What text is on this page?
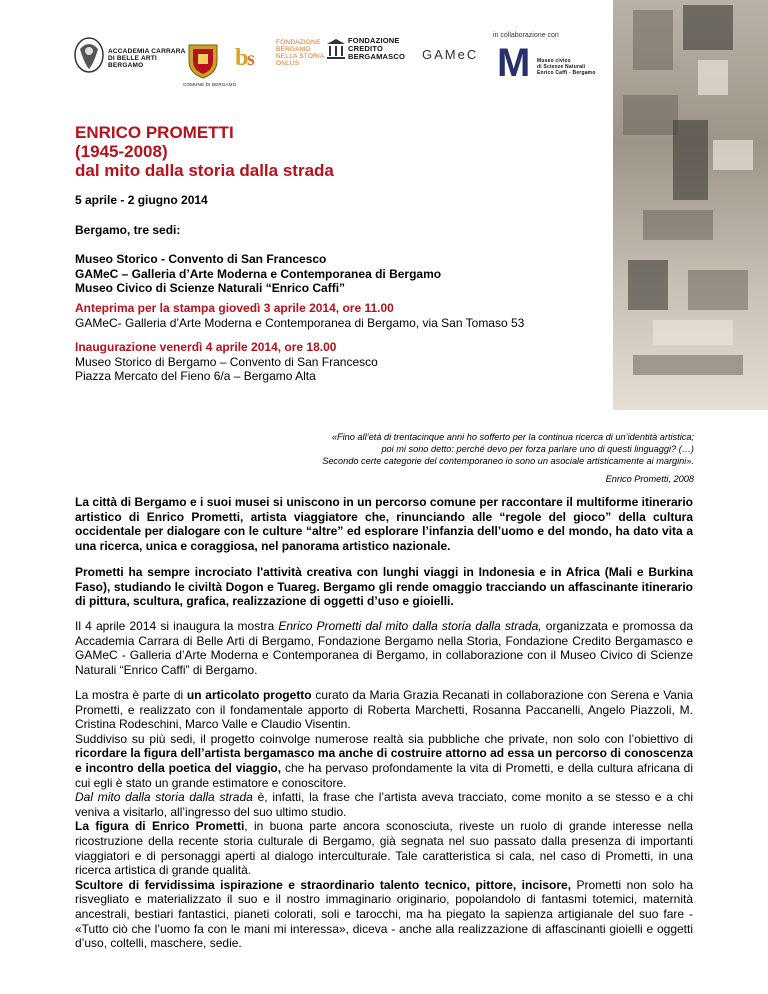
ACCADEMIA CARRARA
DI BELLE ARTI
BERGAMO
COMUNE DI BERGAMO
b
s
FONDAZIONE
BERGAMO
NELLA STORIA
ONLUS
FONDAZIONE
CREDITO
BERGAMASCO GAMeC
in collaborazione con
M Museo civico
di Scienze Naturali
Enrico Caffi - Bergamo
ENRICO PROMETTI
(1945-2008)
dal mito dalla storia dalla strada
5 aprile - 2 giugno 2014
Bergamo, tre sedi:
Museo Storico - Convento di San Francesco
GAMeC – Galleria d’Arte Moderna e Contemporanea di Bergamo
Museo Civico di Scienze Naturali “Enrico Caffi”
Anteprima per la stampa giovedì 3 aprile 2014, ore 11.00
GAMeC- Galleria d’Arte Moderna e Contemporanea di Bergamo, via San Tomaso 53
Inaugurazione venerdì 4 aprile 2014, ore 18.00
Museo Storico di Bergamo – Convento di San Francesco
Piazza Mercato del Fieno 6/a – Bergamo Alta
«Fino all’età di trentacinque anni ho sofferto per la continua ricerca di un’identità artistica;
poi mi sono detto: perché devo per forza parlare uno di questi linguaggi? (…)
Secondo certe categorie del contemporaneo io sono un asociale artisticamente ai margini».
Enrico Prometti, 2008
La città di Bergamo e i suoi musei si uniscono in un percorso comune per raccontare il multiforme itinerario artistico di Enrico Prometti, artista viaggiatore che, rinunciando alle “regole del gioco” della cultura occidentale per dialogare con le culture “altre” ed esplorare l’infanzia dell’uomo e del mondo, ha dato vita a una ricerca, unica e coraggiosa, nel panorama artistico nazionale.
Prometti ha sempre incrociato l'attività creativa con lunghi viaggi in Indonesia e in Africa (Mali e Burkina Faso), studiando le civiltà Dogon e Tuareg. Bergamo gli rende omaggio tracciando un affascinante itinerario di pittura, scultura, grafica, realizzazione di oggetti d’uso e gioielli.
Il 4 aprile 2014 si inaugura la mostra Enrico Prometti dal mito dalla storia dalla strada, organizzata e promossa da Accademia Carrara di Belle Arti di Bergamo, Fondazione Bergamo nella Storia, Fondazione Credito Bergamasco e GAMeC - Galleria d’Arte Moderna e Contemporanea di Bergamo, in collaborazione con il Museo Civico di Scienze Naturali “Enrico Caffi” di Bergamo.
La mostra è parte di un articolato progetto curato da Maria Grazia Recanati in collaborazione con Serena e Vania Prometti, e realizzato con il fondamentale apporto di Roberta Marchetti, Rosanna Paccanelli, Angelo Piazzoli, M. Cristina Rodeschini, Marco Valle e Claudio Visentin.
Suddiviso su più sedi, il progetto coinvolge numerose realtà sia pubbliche che private, non solo con l’obiettivo di ricordare la figura dell’artista bergamasco ma anche di costruire attorno ad essa un percorso di conoscenza e incontro della poetica del viaggio, che ha pervaso profondamente la vita di Prometti, e della cultura africana di cui egli è stato un grande estimatore e conoscitore.
Dal mito dalla storia dalla strada è, infatti, la frase che l’artista aveva tracciato, come monito a se stesso e a chi veniva a visitarlo, all’ingresso del suo ultimo studio.
La figura di Enrico Prometti, in buona parte ancora sconosciuta, riveste un ruolo di grande interesse nella ricostruzione della recente storia culturale di Bergamo, già segnata nel suo passato dalla presenza di importanti viaggiatori e di personaggi aperti al dialogo interculturale. Tale caratteristica si cala, nel caso di Prometti, in una ricerca artistica di grande qualità.
Scultore di fervidissima ispirazione e straordinario talento tecnico, pittore, incisore, Prometti non solo ha risvegliato e materializzato il suo e il nostro immaginario originario, popolandolo di fantasmi totemici, maternità ancestrali, bestiari fantastici, pianeti colorati, soli e tarocchi, ma ha piegato la sapienza artigianale del suo fare - «Tutto ciò che l’uomo fa con le mani mi interessa», diceva - anche alla realizzazione di affascinanti gioielli e oggetti d’uso, coltelli, maschere, sedie.
